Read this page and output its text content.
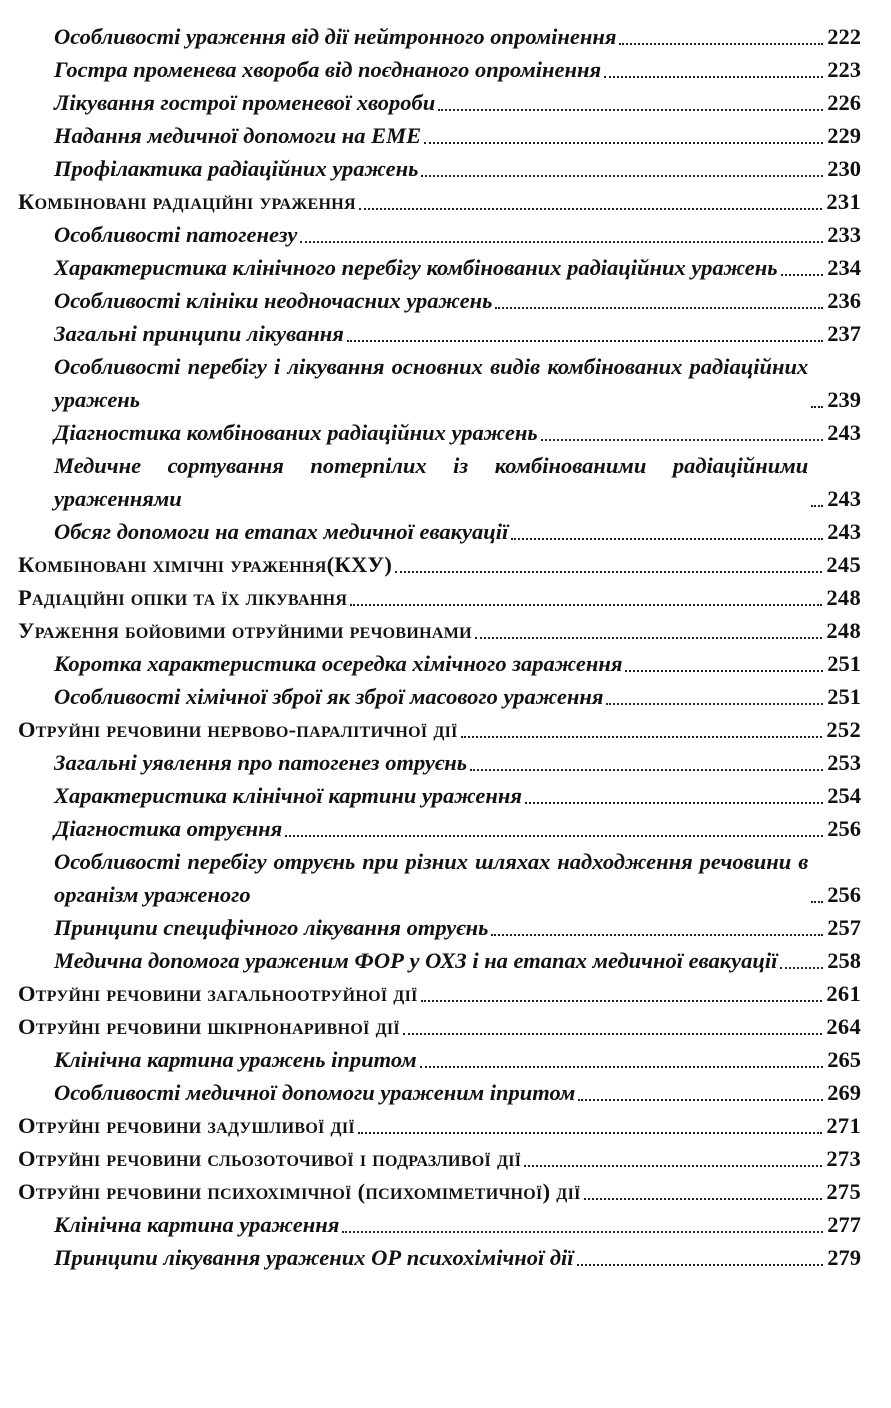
Особливості ураження від дії нейтронного опромінення	222
Гостра променева хвороба від поєднаного опромінення	223
Лікування гострої променевої хвороби	226
Надання медичної допомоги на ЕМЕ	229
Профілактика радіаційних уражень	230
Комбіновані радіаційні ураження	231
Особливості патогенезу	233
Характеристика клінічного перебігу комбінованих радіаційних уражень 234
Особливості клініки неодночасних уражень	236
Загальні принципи лікування	237
Особливості перебігу і лікування основних видів комбінованих радіаційних уражень	239
Діагностика комбінованих радіаційних уражень	243
Медичне сортування потерпілих із комбінованими радіаційними ураженнями	243
Обсяг допомоги на етапах медичної евакуації	243
Комбіновані хімічні ураження(КХУ)	245
Радіаційні опіки та їх лікування	248
Ураження бойовими отруйними речовинами	248
Коротка характеристика осередка хімічного зараження	251
Особливості хімічної зброї як зброї масового ураження	251
Отруйні речовини нервово-паралітичної дії	252
Загальні уявлення про патогенез отруєнь	253
Характеристика клінічної картини ураження	254
Діагностика отруєння	256
Особливості перебігу отруєнь при різних шляхах надходження речовини в організм ураженого	256
Принципи специфічного лікування отруєнь	257
Медична допомога ураженим ФОР у ОХЗ і на етапах медичної евакуації 258
Отруйні речовини загальноотруйної дії	261
Отруйні речовини шкірнонаривної дії	264
Клінічна картина уражень іпритом	265
Особливості медичної допомоги ураженим іпритом	269
Отруйні речовини задушливої дії	271
Отруйні речовини сльозоточивої і подразливої дії	273
Отруйні речовини психохімічної (психоміметичної) дії	275
Клінічна картина ураження	277
Принципи лікування уражених ОР психохімічної дії	279
